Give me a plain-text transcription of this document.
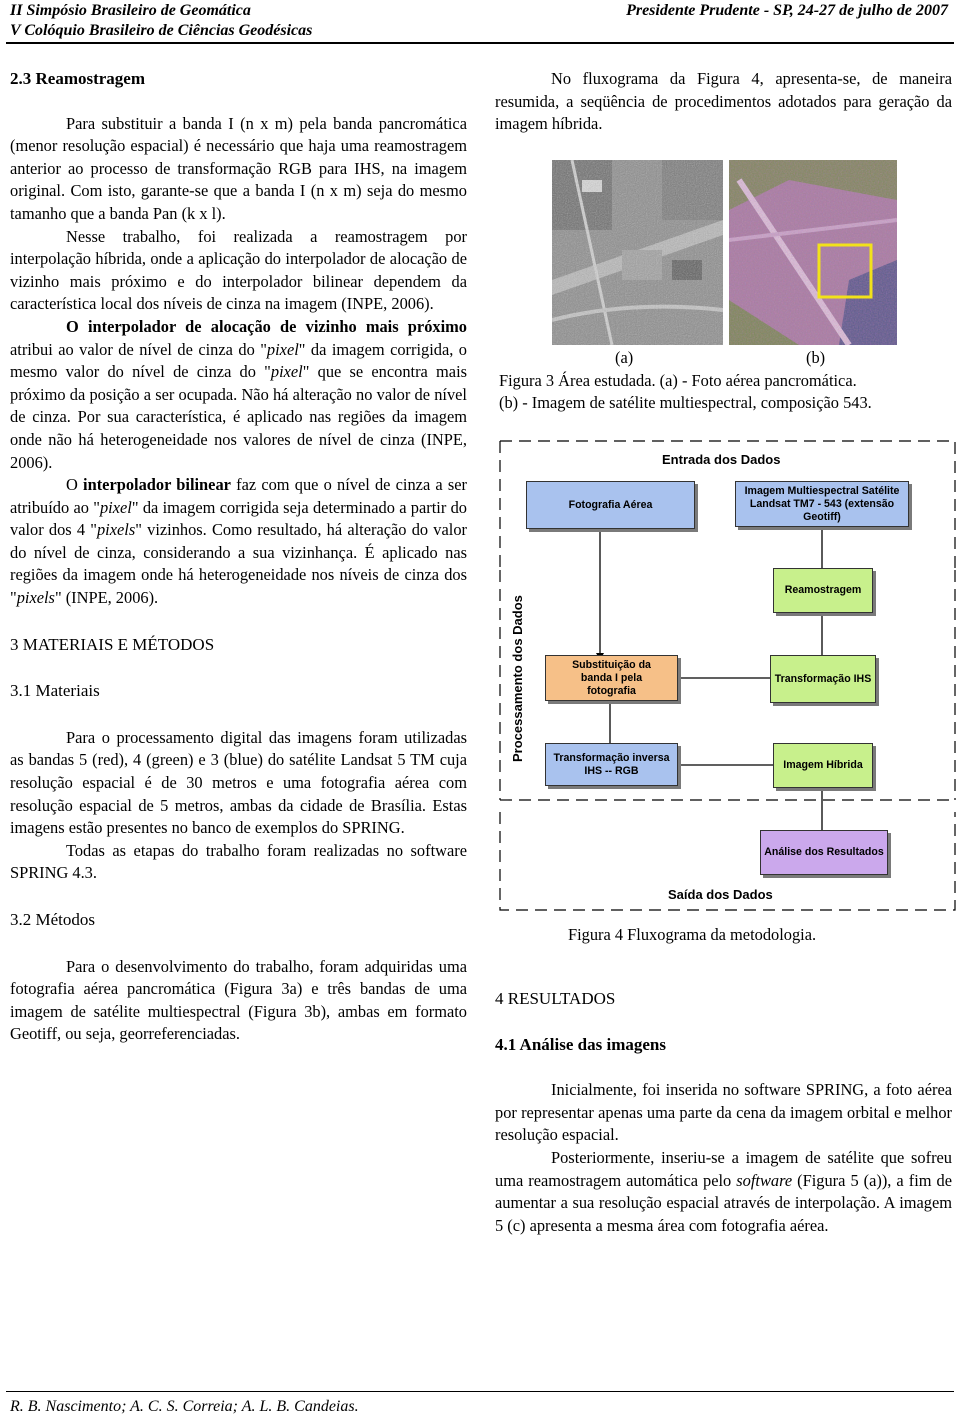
II Simpósio Brasileiro de Geomática
V Colóquio Brasileiro de Ciências Geodésicas
Presidente Prudente - SP, 24-27 de julho de 2007

2.3 Reamostragem

Para substituir a banda I (n x m) pela banda pancromática (menor resolução espacial) é necessário que haja uma reamostragem anterior ao processo de transformação RGB para IHS, na imagem original. Com isto, garante-se que a banda I (n x m) seja do mesmo tamanho que a banda Pan (k x l).

Nesse trabalho, foi realizada a reamostragem por interpolação híbrida, onde a aplicação do interpolador de alocação de vizinho mais próximo e do interpolador bilinear dependem da característica local dos níveis de cinza na imagem (INPE, 2006).

O interpolador de alocação de vizinho mais próximo atribui ao valor de nível de cinza do "pixel" da imagem corrigida, o mesmo valor do nível de cinza do "pixel" que se encontra mais próximo da posição a ser ocupada. Não há alteração no valor de nível de cinza. Por sua característica, é aplicado nas regiões da imagem onde não há heterogeneidade nos valores de nível de cinza (INPE, 2006).

O interpolador bilinear faz com que o nível de cinza a ser atribuído ao "pixel" da imagem corrigida seja determinado a partir do valor dos 4 "pixels" vizinhos. Como resultado, há alteração do valor do nível de cinza, considerando a sua vizinhança. É aplicado nas regiões da imagem onde há heterogeneidade nos níveis de cinza dos "pixels" (INPE, 2006).

3 MATERIAIS E MÉTODOS

3.1 Materiais

Para o processamento digital das imagens foram utilizadas as bandas 5 (red), 4 (green) e 3 (blue) do satélite Landsat 5 TM cuja resolução espacial é de 30 metros e uma fotografia aérea com resolução espacial de 5 metros, ambas da cidade de Brasília. Estas imagens estão presentes no banco de exemplos do SPRING.

Todas as etapas do trabalho foram realizadas no software SPRING 4.3.

3.2 Métodos

Para o desenvolvimento do trabalho, foram adquiridas uma fotografia aérea pancromática (Figura 3a) e três bandas de uma imagem de satélite multiespectral (Figura 3b), ambas em formato Geotiff, ou seja, georreferenciadas.

No fluxograma da Figura 4, apresenta-se, de maneira resumida, a seqüência de procedimentos adotados para geração da imagem híbrida.

(a)	(b)
Figura 3 Área estudada. (a) - Foto aérea pancromática.
(b) - Imagem de satélite multiespectral, composição 543.
Entrada dos Dados
Processamento dos Dados
Saída dos Dados
Fotografia Aérea
Imagem Multiespectral Satélite Landsat TM7 - 543 (extensão Geotiff)
Reamostragem
Substituição da banda I pela fotografia
Transformação IHS
Transformação inversa IHS -- RGB	Imagem Híbrida
Análise dos Resultados
Figura 4 Fluxograma da metodologia.

4 RESULTADOS

4.1 Análise das imagens

Inicialmente, foi inserida no software SPRING, a foto aérea por representar apenas uma parte da cena da imagem orbital e melhor resolução espacial.

Posteriormente, inseriu-se a imagem de satélite que sofreu uma reamostragem automática pelo software (Figura 5 (a)), a fim de aumentar a sua resolução espacial através de interpolação. A imagem 5 (c) apresenta a mesma área com fotografia aérea.

R. B. Nascimento; A. C. S. Correia; A. L. B. Candeias.
